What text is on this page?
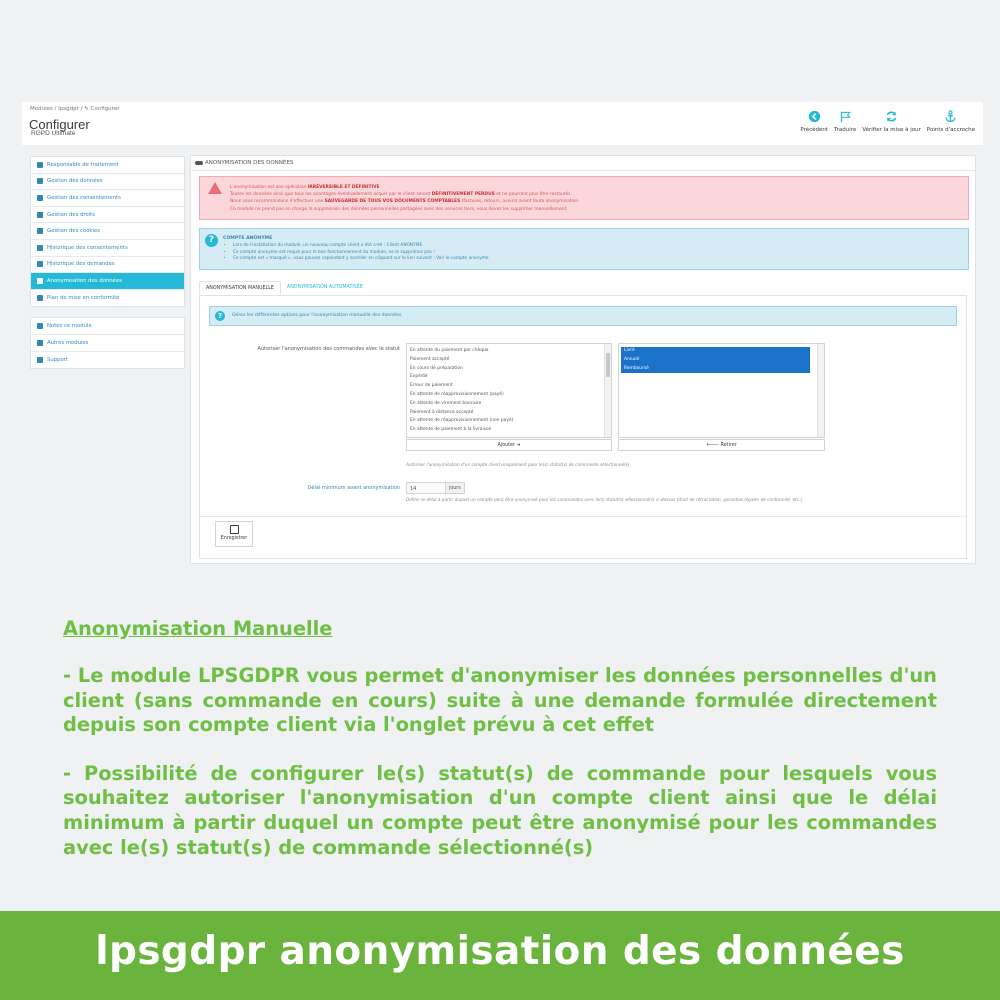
Modules / lpsgdpr / ✎ Configurer
Configurer
RGPD Ultimate	Précédent Traduire Vérifier la mise à jour Points d'accroche
Responsable de traitement
Gestion des données
Gestion des consentements
Gestion des droits
Gestion des cookies
Historique des consentements
Historique des demandes
Anonymisation des données
Plan de mise en conformité
Notez ce module
Autres modules
Support
ANONYMISATION DES DONNÉES
L'anonymisation est une opération IRRÉVERSIBLE ET DÉFINITIVE
Toutes les données ainsi que tous les avantages éventuellement acquis par le client seront DÉFINITIVEMENT PERDUS et ne pourront plus être restaurés.
Nous vous recommandons d'effectuer une SAUVEGARDE DE TOUS VOS DOCUMENTS COMPTABLES (factures, retours, avoirs) avant toute anonymisation.
Ce module ne prend pas en charge la suppression des données personnelles partagées avec des services tiers, vous devez les supprimer manuellement.
?	COMPTE ANONYME
• Lors de l'installation du module, un nouveau compte client a été créé : Client ANONYME
• Ce compte anonyme est requis pour le bon fonctionnement du module, ne le supprimez pas !
• Ce compte est « masqué », vous pouvez cependant y accéder en cliquant sur le lien suivant : Voir le compte anonyme
ANONYMISATION MANUELLE	ANONYMISATION AUTOMATISÉE
?	Gérez les différentes options pour l'anonymisation manuelle des données.
Autoriser l'anonymisation des commandes avec le statut	En attente du paiement par chèque
Paiement accepté
En cours de préparation
Expédié
Erreur de paiement
En attente de réapprovisionnement (payé)
En attente de virement bancaire
Paiement à distance accepté
En attente de réapprovisionnement (non payé)
En attente de paiement à la livraison
Livré
Annulé
Remboursé
Ajouter ➔	🡐 Retirer
Autoriser l'anonymisation d'un compte client uniquement pour le(s) statut(s) de commande sélectionné(s).
Délai minimum avant anonymisation	14	jours
Définir le délai à partir duquel un compte peut être anonymisé pour les commandes avec le(s) statut(s) sélectionné(s) ci-dessus (droit de rétractation, garanties légales de conformité, etc.).
Enregistrer
Anonymisation Manuelle

- Le module LPSGDPR vous permet d'anonymiser les données personnelles d'un client (sans commande en cours) suite à une demande formulée directement depuis son compte client via l'onglet prévu à cet effet

- Possibilité de configurer le(s) statut(s) de commande pour lesquels vous souhaitez autoriser l'anonymisation d'un compte client ainsi que le délai minimum à partir duquel un compte peut être anonymisé pour les commandes avec le(s) statut(s) de commande sélectionné(s)

lpsgdpr anonymisation des données
